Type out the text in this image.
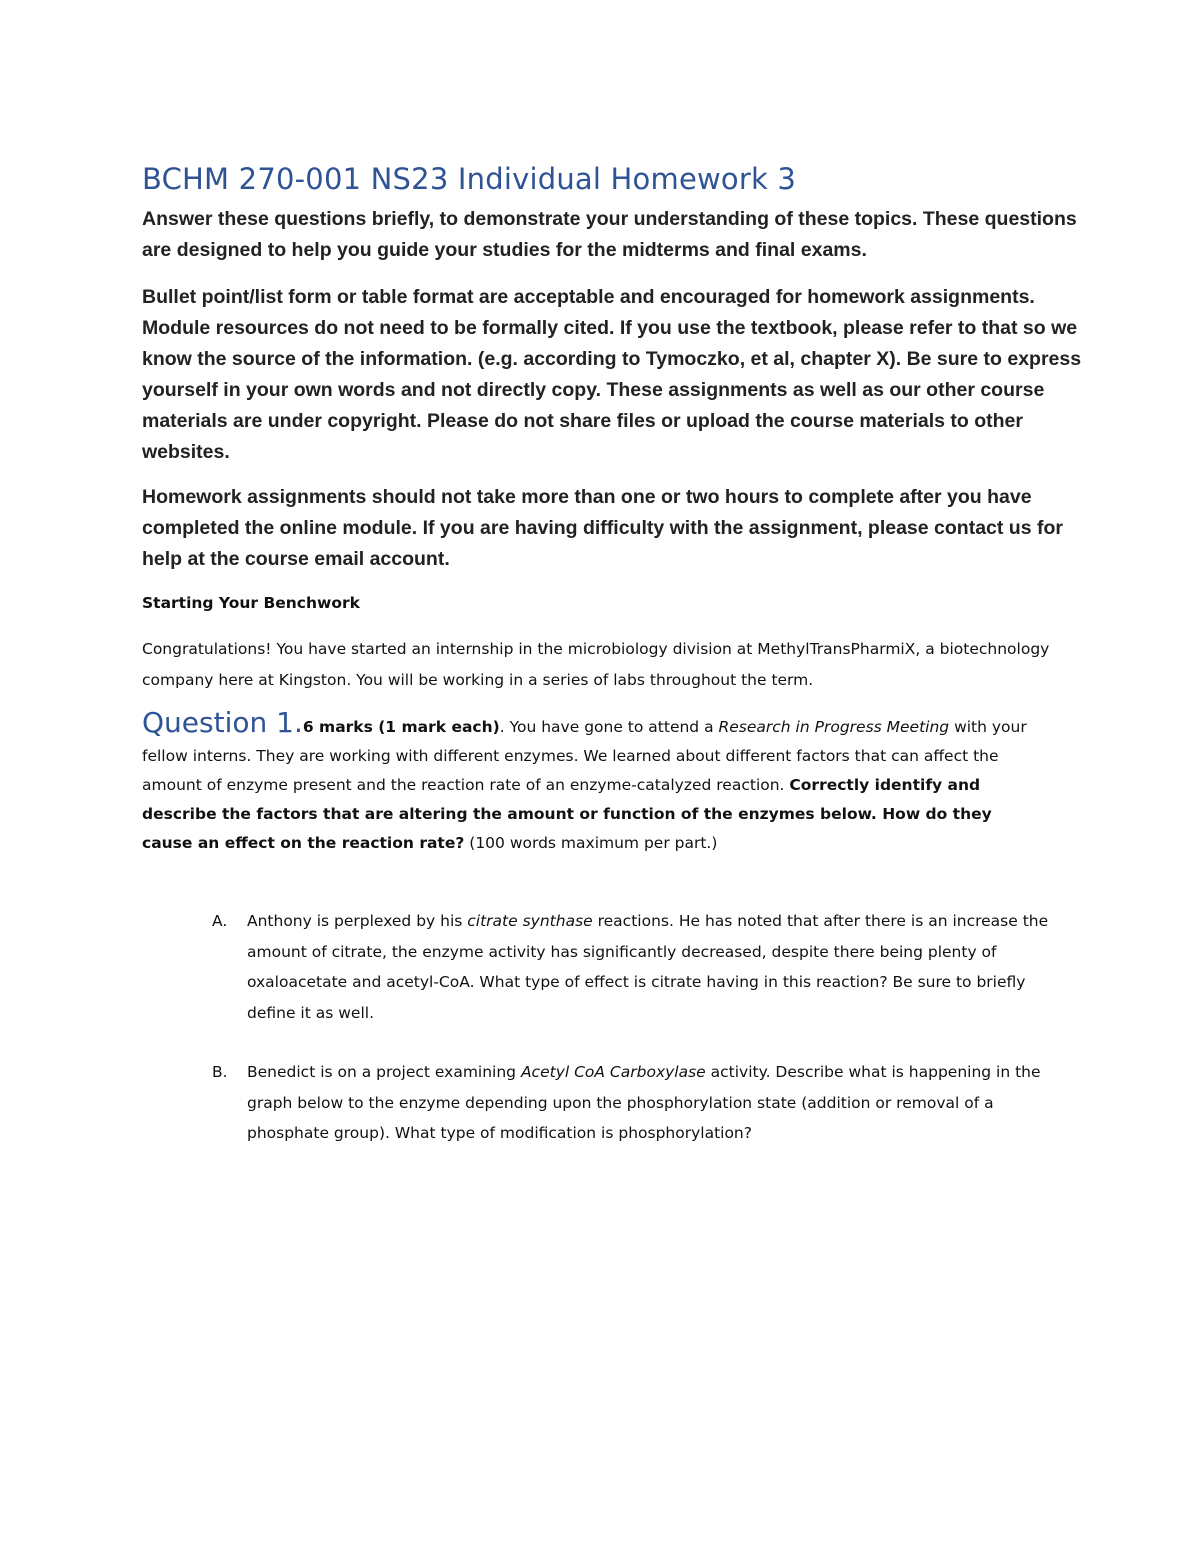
BCHM 270-001 NS23 Individual Homework 3

Answer these questions briefly, to demonstrate your understanding of these topics. These questions are designed to help you guide your studies for the midterms and final exams.

Bullet point/list form or table format are acceptable and encouraged for homework assignments. Module resources do not need to be formally cited. If you use the textbook, please refer to that so we know the source of the information. (e.g. according to Tymoczko, et al, chapter X). Be sure to express yourself in your own words and not directly copy. These assignments as well as our other course materials are under copyright. Please do not share files or upload the course materials to other websites.

Homework assignments should not take more than one or two hours to complete after you have completed the online module. If you are having difficulty with the assignment, please contact us for help at the course email account.

Starting Your Benchwork

Congratulations! You have started an internship in the microbiology division at MethylTransPharmiX, a biotechnology company here at Kingston. You will be working in a series of labs throughout the term.

Question 1.6 marks (1 mark each). You have gone to attend a Research in Progress Meeting with your fellow interns. They are working with different enzymes. We learned about different factors that can affect the amount of enzyme present and the reaction rate of an enzyme-catalyzed reaction. Correctly identify and describe the factors that are altering the amount or function of the enzymes below. How do they cause an effect on the reaction rate? (100 words maximum per part.)

A.	Anthony is perplexed by his citrate synthase reactions. He has noted that after there is an increase the amount of citrate, the enzyme activity has significantly decreased, despite there being plenty of oxaloacetate and acetyl-CoA. What type of effect is citrate having in this reaction? Be sure to briefly define it as well.
B.	Benedict is on a project examining Acetyl CoA Carboxylase activity. Describe what is happening in the graph below to the enzyme depending upon the phosphorylation state (addition or removal of a phosphate group). What type of modification is phosphorylation?
